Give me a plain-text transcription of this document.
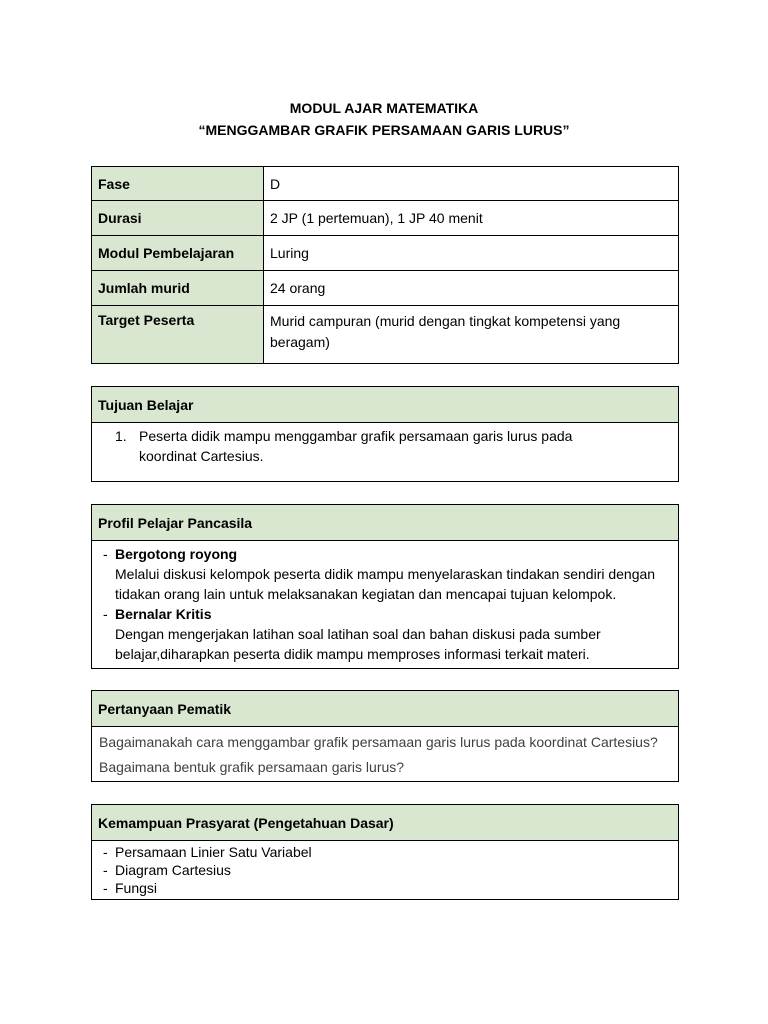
MODUL AJAR MATEMATIKA
“MENGGAMBAR GRAFIK PERSAMAAN GARIS LURUS”
Fase	D
Durasi	2 JP (1 pertemuan), 1 JP 40 menit
Modul Pembelajaran	Luring
Jumlah murid	24 orang
Target Peserta	Murid campuran (murid dengan tingkat kompetensi yang beragam)
Tujuan Belajar

1. Peserta didik mampu menggambar grafik persamaan garis lurus pada koordinat Cartesius.
Profil Pelajar Pancasila

- Bergotong royong
Melalui diskusi kelompok peserta didik mampu menyelaraskan tindakan sendiri dengan tidakan orang lain untuk melaksanakan kegiatan dan mencapai tujuan kelompok.
- Bernalar Kritis
Dengan mengerjakan latihan soal latihan soal dan bahan diskusi pada sumber belajar,diharapkan peserta didik mampu memproses informasi terkait materi.
Pertanyaan Pematik

Bagaimanakah cara menggambar grafik persamaan garis lurus pada koordinat Cartesius?
Bagaimana bentuk grafik persamaan garis lurus?
Kemampuan Prasyarat (Pengetahuan Dasar)

- Persamaan Linier Satu Variabel
- Diagram Cartesius
- Fungsi
